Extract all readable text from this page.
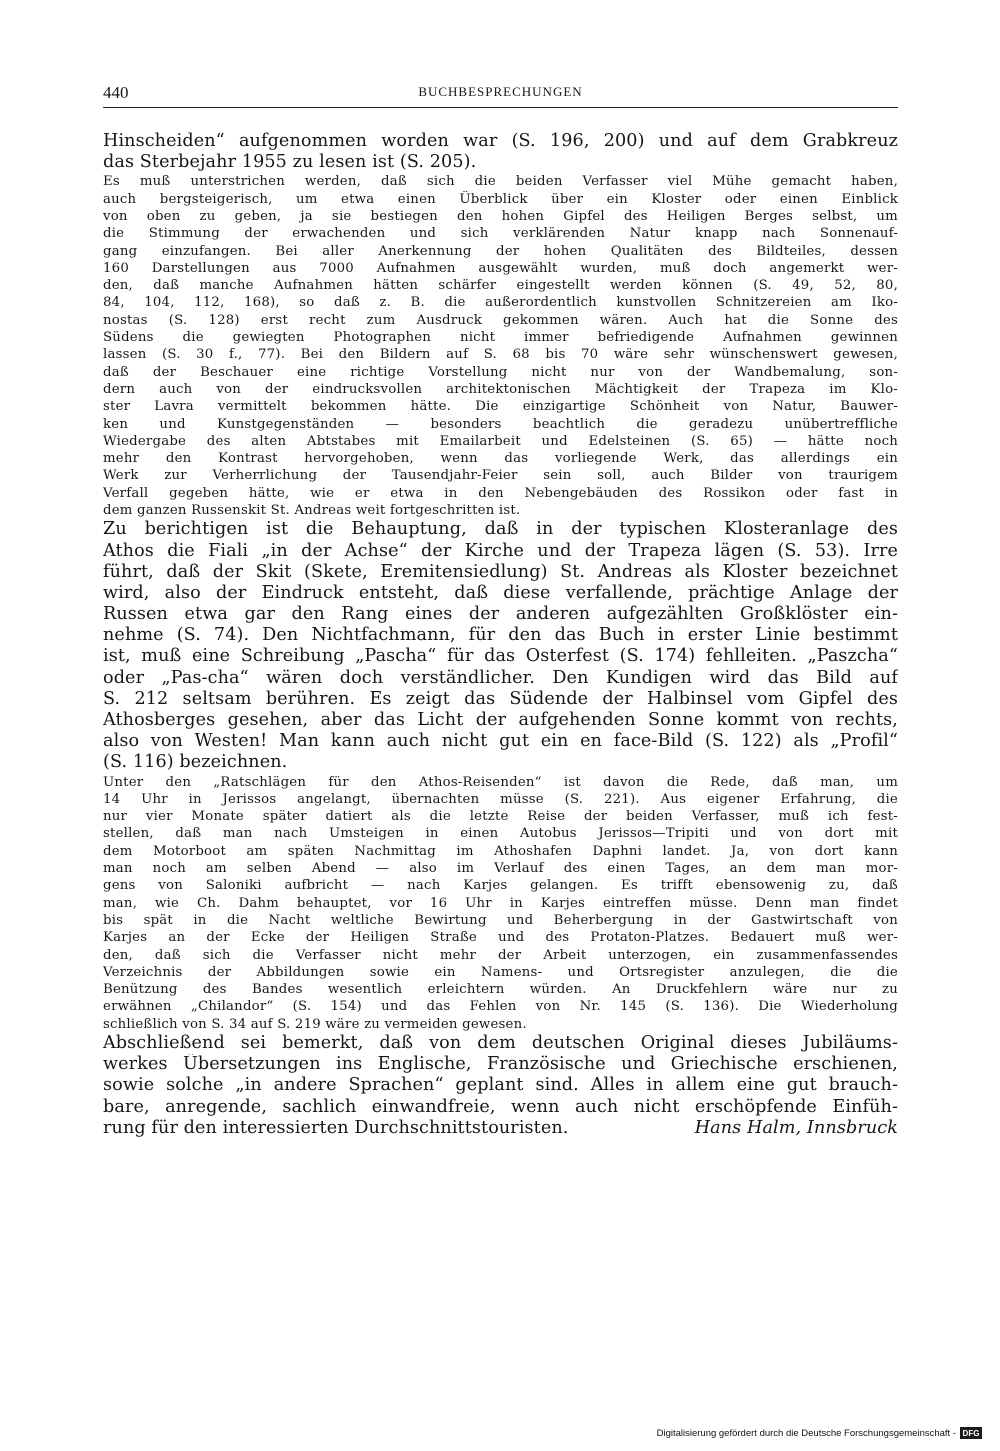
440	BUCHBESPRECHUNGEN
Hinscheiden“ aufgenommen worden war (S. 196, 200) und auf dem Grabkreuz
das Sterbejahr 1955 zu lesen ist (S. 205).
Es muß unterstrichen werden, daß sich die beiden Verfasser viel Mühe gemacht haben,
auch bergsteigerisch, um etwa einen Überblick über ein Kloster oder einen Einblick
von oben zu geben, ja sie bestiegen den hohen Gipfel des Heiligen Berges selbst, um
die Stimmung der erwachenden und sich verklärenden Natur knapp nach Sonnenauf-
gang einzufangen. Bei aller Anerkennung der hohen Qualitäten des Bildteiles, dessen
160 Darstellungen aus 7000 Aufnahmen ausgewählt wurden, muß doch angemerkt wer-
den, daß manche Aufnahmen hätten schärfer eingestellt werden können (S. 49, 52, 80,
84, 104, 112, 168), so daß z. B. die außerordentlich kunstvollen Schnitzereien am Iko-
nostas (S. 128) erst recht zum Ausdruck gekommen wären. Auch hat die Sonne des
Südens die gewiegten Photographen nicht immer befriedigende Aufnahmen gewinnen
lassen (S. 30 f., 77). Bei den Bildern auf S. 68 bis 70 wäre sehr wünschenswert gewesen,
daß der Beschauer eine richtige Vorstellung nicht nur von der Wandbemalung, son-
dern auch von der eindrucksvollen architektonischen Mächtigkeit der Trapeza im Klo-
ster Lavra vermittelt bekommen hätte. Die einzigartige Schönheit von Natur, Bauwer-
ken und Kunstgegenständen — besonders beachtlich die geradezu unübertreffliche
Wiedergabe des alten Abtstabes mit Emailarbeit und Edelsteinen (S. 65) — hätte noch
mehr den Kontrast hervorgehoben, wenn das vorliegende Werk, das allerdings ein
Werk zur Verherrlichung der Tausendjahr-Feier sein soll, auch Bilder von traurigem
Verfall gegeben hätte, wie er etwa in den Nebengebäuden des Rossikon oder fast in
dem ganzen Russenskit St. Andreas weit fortgeschritten ist.
Zu berichtigen ist die Behauptung, daß in der typischen Klosteranlage des
Athos die Fiali „in der Achse“ der Kirche und der Trapeza lägen (S. 53). Irre
führt, daß der Skit (Skete, Eremitensiedlung) St. Andreas als Kloster bezeichnet
wird, also der Eindruck entsteht, daß diese verfallende, prächtige Anlage der
Russen etwa gar den Rang eines der anderen aufgezählten Großklöster ein-
nehme (S. 74). Den Nichtfachmann, für den das Buch in erster Linie bestimmt
ist, muß eine Schreibung „Pascha“ für das Osterfest (S. 174) fehlleiten. „Paszcha“
oder „Pas-cha“ wären doch verständlicher. Den Kundigen wird das Bild auf
S. 212 seltsam berühren. Es zeigt das Südende der Halbinsel vom Gipfel des
Athosberges gesehen, aber das Licht der aufgehenden Sonne kommt von rechts,
also von Westen! Man kann auch nicht gut ein en face-Bild (S. 122) als „Profil“
(S. 116) bezeichnen.
Unter den „Ratschlägen für den Athos-Reisenden“ ist davon die Rede, daß man, um
14 Uhr in Jerissos angelangt, übernachten müsse (S. 221). Aus eigener Erfahrung, die
nur vier Monate später datiert als die letzte Reise der beiden Verfasser, muß ich fest-
stellen, daß man nach Umsteigen in einen Autobus Jerissos—Tripiti und von dort mit
dem Motorboot am späten Nachmittag im Athoshafen Daphni landet. Ja, von dort kann
man noch am selben Abend — also im Verlauf des einen Tages, an dem man mor-
gens von Saloniki aufbricht — nach Karjes gelangen. Es trifft ebensowenig zu, daß
man, wie Ch. Dahm behauptet, vor 16 Uhr in Karjes eintreffen müsse. Denn man findet
bis spät in die Nacht weltliche Bewirtung und Beherbergung in der Gastwirtschaft von
Karjes an der Ecke der Heiligen Straße und des Protaton-Platzes. Bedauert muß wer-
den, daß sich die Verfasser nicht mehr der Arbeit unterzogen, ein zusammenfassendes
Verzeichnis der Abbildungen sowie ein Namens- und Ortsregister anzulegen, die die
Benützung des Bandes wesentlich erleichtern würden. An Druckfehlern wäre nur zu
erwähnen „Chilandor“ (S. 154) und das Fehlen von Nr. 145 (S. 136). Die Wiederholung
schließlich von S. 34 auf S. 219 wäre zu vermeiden gewesen.
Abschließend sei bemerkt, daß von dem deutschen Original dieses Jubiläums-
werkes Übersetzungen ins Englische, Französische und Griechische erschienen,
sowie solche „in andere Sprachen“ geplant sind. Alles in allem eine gut brauch-
bare, anregende, sachlich einwandfreie, wenn auch nicht erschöpfende Einfüh-
rung für den interessierten Durchschnittstouristen.	Hans Halm, Innsbruck
Digitalisierung gefördert durch die Deutsche Forschungsgemeinschaft - DFG
